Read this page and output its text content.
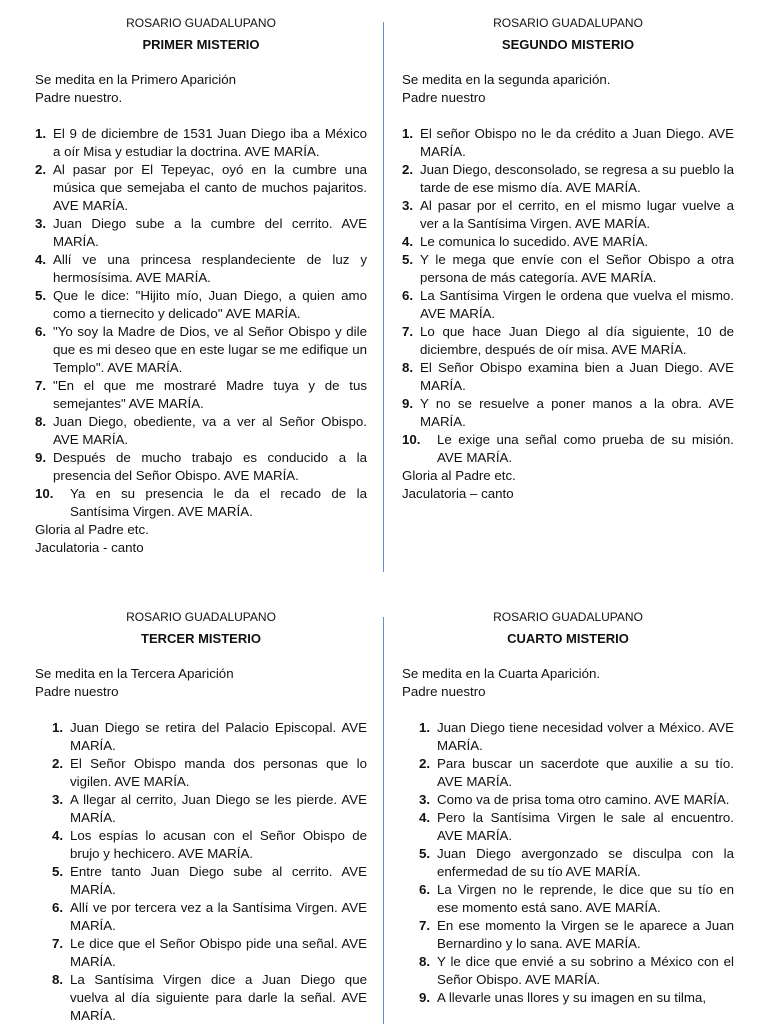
ROSARIO GUADALUPANO
PRIMER MISTERIO
Se medita en la Primero Aparición
Padre nuestro.
1. El 9 de diciembre de 1531 Juan Diego iba a México a oír Misa y estudiar la doctrina. AVE MARÍA.
2. Al pasar por El Tepeyac, oyó en la cumbre una música que semejaba el canto de muchos pajaritos. AVE MARÍA.
3. Juan Diego sube a la cumbre del cerrito. AVE MARÍA.
4. Allí ve una princesa resplandeciente de luz y hermosísima. AVE MARÍA.
5. Que le dice: "Hijito mío, Juan Diego, a quien amo como a tiernecito y delicado" AVE MARÍA.
6. "Yo soy la Madre de Dios, ve al Señor Obispo y dile que es mi deseo que en este lugar se me edifique un Templo". AVE MARÍA.
7. "En el que me mostraré Madre tuya y de tus semejantes" AVE MARÍA.
8. Juan Diego, obediente, va a ver al Señor Obispo. AVE MARÍA.
9. Después de mucho trabajo es conducido a la presencia del Señor Obispo. AVE MARÍA.
10. Ya en su presencia le da el recado de la Santísima Virgen. AVE MARÍA.
Gloria al Padre etc.
Jaculatoria - canto
ROSARIO GUADALUPANO
SEGUNDO MISTERIO
Se medita en la segunda aparición.
Padre nuestro
1. El señor Obispo no le da crédito a Juan Diego. AVE MARÍA.
2. Juan Diego, desconsolado, se regresa a su pueblo la tarde de ese mismo día. AVE MARÍA.
3. Al pasar por el cerrito, en el mismo lugar vuelve a ver a la Santísima Virgen. AVE MARÍA.
4. Le comunica lo sucedido. AVE MARÍA.
5. Y le mega que envíe con el Señor Obispo a otra persona de más categoría. AVE MARÍA.
6. La Santísima Virgen le ordena que vuelva el mismo. AVE MARÍA.
7. Lo que hace Juan Diego al día siguiente, 10 de diciembre, después de oír misa. AVE MARÍA.
8. El Señor Obispo examina bien a Juan Diego. AVE MARÍA.
9. Y no se resuelve a poner manos a la obra. AVE MARÍA.
10. Le exige una señal como prueba de su misión. AVE MARÍA.
Gloria al Padre etc.
Jaculatoria – canto
ROSARIO GUADALUPANO
TERCER MISTERIO
Se medita en la Tercera Aparición
Padre nuestro
1. Juan Diego se retira del Palacio Episcopal. AVE MARÍA.
2. El Señor Obispo manda dos personas que lo vigilen. AVE MARÍA.
3. A llegar al cerrito, Juan Diego se les pierde. AVE MARÍA.
4. Los espías lo acusan con el Señor Obispo de brujo y hechicero. AVE MARÍA.
5. Entre tanto Juan Diego sube al cerrito. AVE MARÍA.
6. Allí ve por tercera vez a la Santísima Virgen. AVE MARÍA.
7. Le dice que el Señor Obispo pide una señal. AVE MARÍA.
8. La Santísima Virgen dice a Juan Diego que vuelva al día siguiente para darle la señal. AVE MARÍA.
ROSARIO GUADALUPANO
CUARTO MISTERIO
Se medita en la Cuarta Aparición.
Padre nuestro
1. Juan Diego tiene necesidad volver a México. AVE MARÍA.
2. Para buscar un sacerdote que auxilie a su tío. AVE MARÍA.
3. Como va de prisa toma otro camino. AVE MARÍA.
4. Pero la Santísima Virgen le sale al encuentro. AVE MARÍA.
5. Juan Diego avergonzado se disculpa con la enfermedad de su tío AVE MARÍA.
6. La Virgen no le reprende, le dice que su tío en ese momento está sano. AVE MARÍA.
7. En ese momento la Virgen se le aparece a Juan Bernardino y lo sana. AVE MARÍA.
8. Y le dice que envié a su sobrino a México con el Señor Obispo. AVE MARÍA.
9. A llevarle unas llores y su imagen en su tilma,
